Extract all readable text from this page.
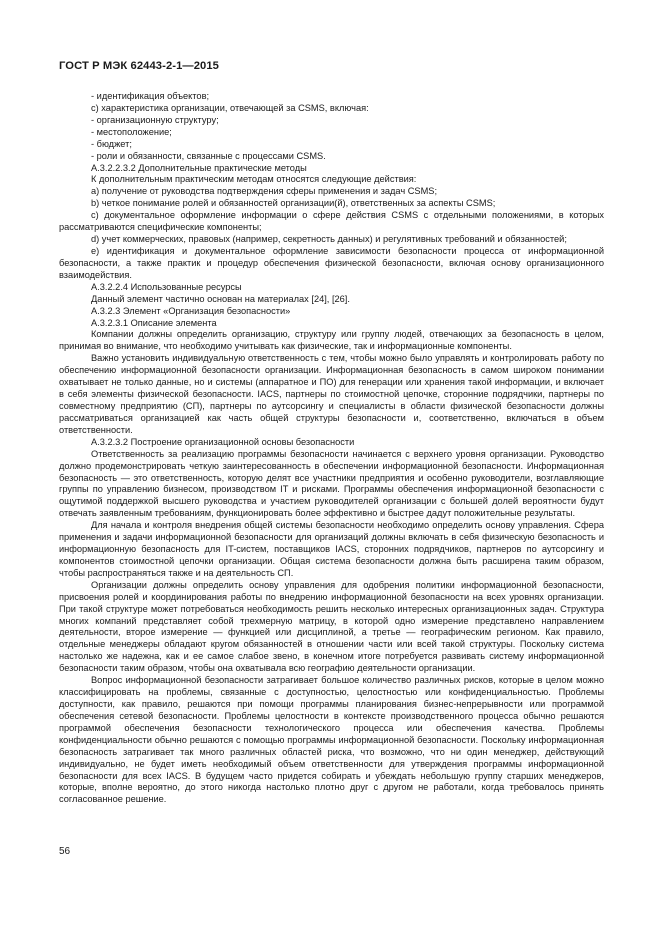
ГОСТ Р МЭК 62443-2-1—2015

- идентификация объектов;

c) характеристика организации, отвечающей за CSMS, включая:

- организационную структуру;

- местоположение;

- бюджет;

- роли и обязанности, связанные с процессами CSMS.

А.3.2.2.3.2 Дополнительные практические методы

К дополнительным практическим методам относятся следующие действия:

a) получение от руководства подтверждения сферы применения и задач CSMS;

b) четкое понимание ролей и обязанностей организации(й), ответственных за аспекты CSMS;

c) документальное оформление информации о сфере действия CSMS с отдельными положениями, в которых рассматриваются специфические компоненты;

d) учет коммерческих, правовых (например, секретность данных) и регулятивных требований и обязанностей;

e) идентификация и документальное оформление зависимости безопасности процесса от информационной безопасности, а также практик и процедур обеспечения физической безопасности, включая основу организационного взаимодействия.

А.3.2.2.4 Использованные ресурсы

Данный элемент частично основан на материалах [24], [26].

А.3.2.3 Элемент «Организация безопасности»

А.3.2.3.1 Описание элемента

Компании должны определить организацию, структуру или группу людей, отвечающих за безопасность в целом, принимая во внимание, что необходимо учитывать как физические, так и информационные компоненты.

Важно установить индивидуальную ответственность с тем, чтобы можно было управлять и контролировать работу по обеспечению информационной безопасности организации. Информационная безопасность в самом широком понимании охватывает не только данные, но и системы (аппаратное и ПО) для генерации или хранения такой информации, и включает в себя элементы физической безопасности. IACS, партнеры по стоимостной цепочке, сторонние подрядчики, партнеры по совместному предприятию (СП), партнеры по аутсорсингу и специалисты в области физической безопасности должны рассматриваться организацией как часть общей структуры безопасности и, соответственно, включаться в объем ответственности.

А.3.2.3.2 Построение организационной основы безопасности

Ответственность за реализацию программы безопасности начинается с верхнего уровня организации. Руководство должно продемонстрировать четкую заинтересованность в обеспечении информационной безопасности. Информационная безопасность — это ответственность, которую делят все участники предприятия и особенно руководители, возглавляющие группы по управлению бизнесом, производством IT и рисками. Программы обеспечения информационной безопасности с ощутимой поддержкой высшего руководства и участием руководителей организации с большей долей вероятности будут отвечать заявленным требованиям, функционировать более эффективно и быстрее дадут положительные результаты.

Для начала и контроля внедрения общей системы безопасности необходимо определить основу управления. Сфера применения и задачи информационной безопасности для организаций должны включать в себя физическую безопасность и информационную безопасность для IT-систем, поставщиков IACS, сторонних подрядчиков, партнеров по аутсорсингу и компонентов стоимостной цепочки организации. Общая система безопасности должна быть расширена таким образом, чтобы распространяться также и на деятельность СП.

Организации должны определить основу управления для одобрения политики информационной безопасности, присвоения ролей и координирования работы по внедрению информационной безопасности на всех уровнях организации. При такой структуре может потребоваться необходимость решить несколько интересных организационных задач. Структура многих компаний представляет собой трехмерную матрицу, в которой одно измерение представлено направлением деятельности, второе измерение — функцией или дисциплиной, а третье — географическим регионом. Как правило, отдельные менеджеры обладают кругом обязанностей в отношении части или всей такой структуры. Поскольку система настолько же надежна, как и ее самое слабое звено, в конечном итоге потребуется развивать систему информационной безопасности таким образом, чтобы она охватывала всю географию деятельности организации.

Вопрос информационной безопасности затрагивает большое количество различных рисков, которые в целом можно классифицировать на проблемы, связанные с доступностью, целостностью или конфиденциальностью. Проблемы доступности, как правило, решаются при помощи программы планирования бизнес-непрерывности или программой обеспечения сетевой безопасности. Проблемы целостности в контексте производственного процесса обычно решаются программой обеспечения безопасности технологического процесса или обеспечения качества. Проблемы конфиденциальности обычно решаются с помощью программы информационной безопасности. Поскольку информационная безопасность затрагивает так много различных областей риска, что возможно, что ни один менеджер, действующий индивидуально, не будет иметь необходимый объем ответственности для утверждения программы информационной безопасности для всех IACS. В будущем часто придется собирать и убеждать небольшую группу старших менеджеров, которые, вполне вероятно, до этого никогда настолько плотно друг с другом не работали, когда требовалось принять согласованное решение.

56
